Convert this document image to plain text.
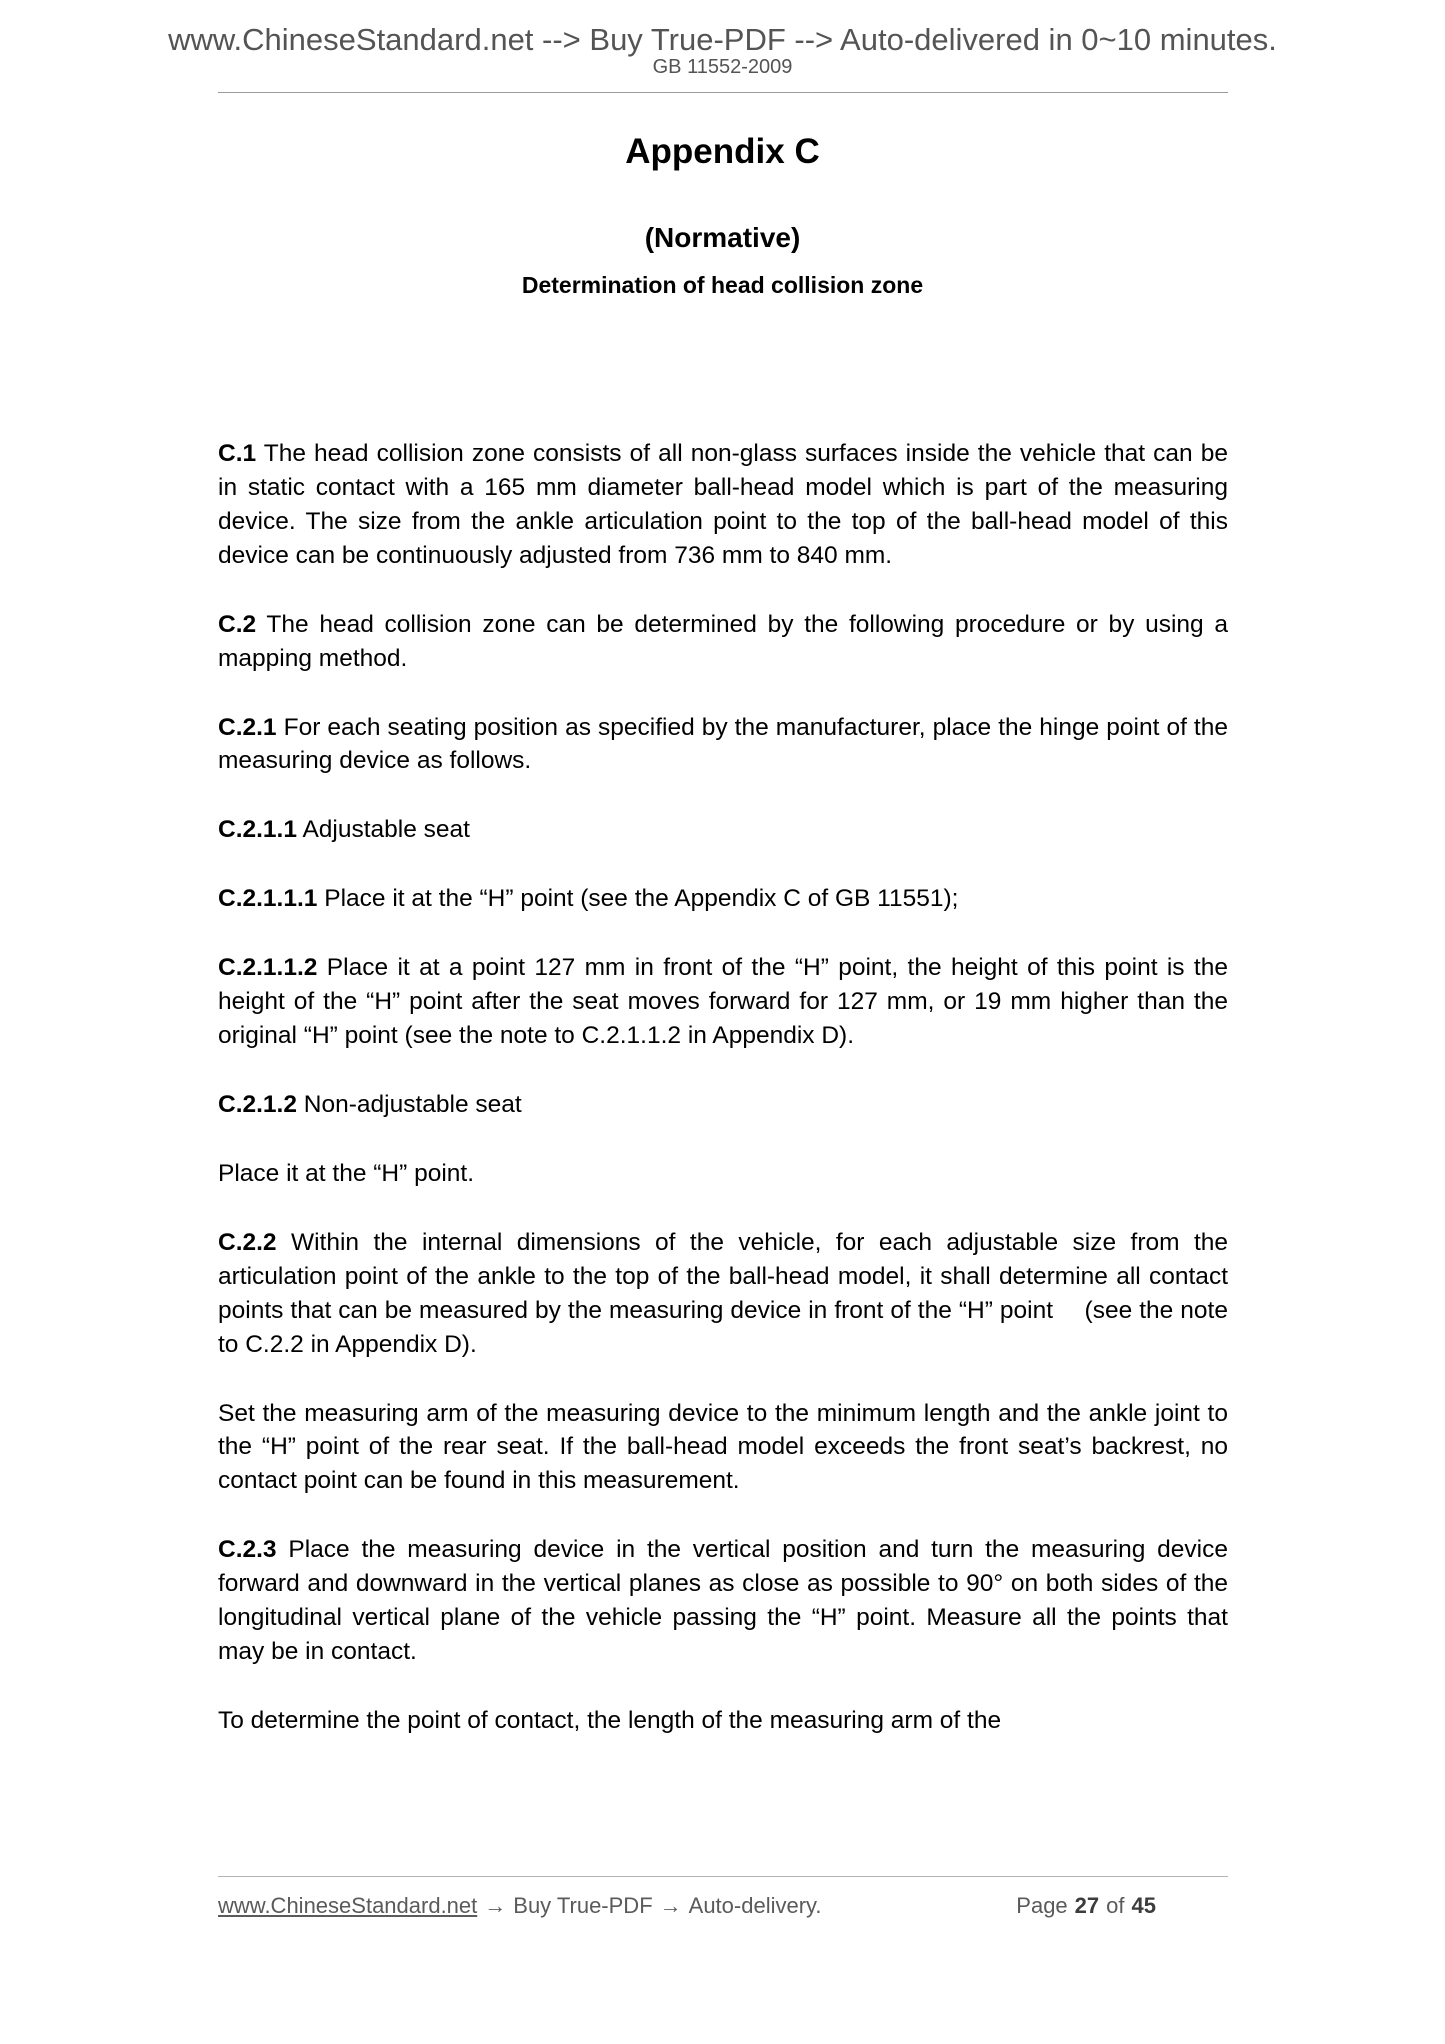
www.ChineseStandard.net --> Buy True-PDF --> Auto-delivered in 0~10 minutes.
GB 11552-2009
Appendix C
(Normative)
Determination of head collision zone

C.1 The head collision zone consists of all non-glass surfaces inside the vehicle that can be in static contact with a 165 mm diameter ball-head model which is part of the measuring device. The size from the ankle articulation point to the top of the ball-head model of this device can be continuously adjusted from 736 mm to 840 mm.

C.2 The head collision zone can be determined by the following procedure or by using a mapping method.

C.2.1 For each seating position as specified by the manufacturer, place the hinge point of the measuring device as follows.

C.2.1.1 Adjustable seat

C.2.1.1.1 Place it at the “H” point (see the Appendix C of GB 11551);

C.2.1.1.2 Place it at a point 127 mm in front of the “H” point, the height of this point is the height of the “H” point after the seat moves forward for 127 mm, or 19 mm higher than the original “H” point (see the note to C.2.1.1.2 in Appendix D).

C.2.1.2 Non-adjustable seat

Place it at the “H” point.

C.2.2 Within the internal dimensions of the vehicle, for each adjustable size from the articulation point of the ankle to the top of the ball-head model, it shall determine all contact points that can be measured by the measuring device in front of the “H” point  (see the note to C.2.2 in Appendix D).

Set the measuring arm of the measuring device to the minimum length and the ankle joint to the “H” point of the rear seat. If the ball-head model exceeds the front seat’s backrest, no contact point can be found in this measurement.

C.2.3 Place the measuring device in the vertical position and turn the measuring device forward and downward in the vertical planes as close as possible to 90° on both sides of the longitudinal vertical plane of the vehicle passing the “H” point. Measure all the points that may be in contact.

To determine the point of contact, the length of the measuring arm of the

www.ChineseStandard.net → Buy True-PDF → Auto-delivery.	Page 27 of 45
